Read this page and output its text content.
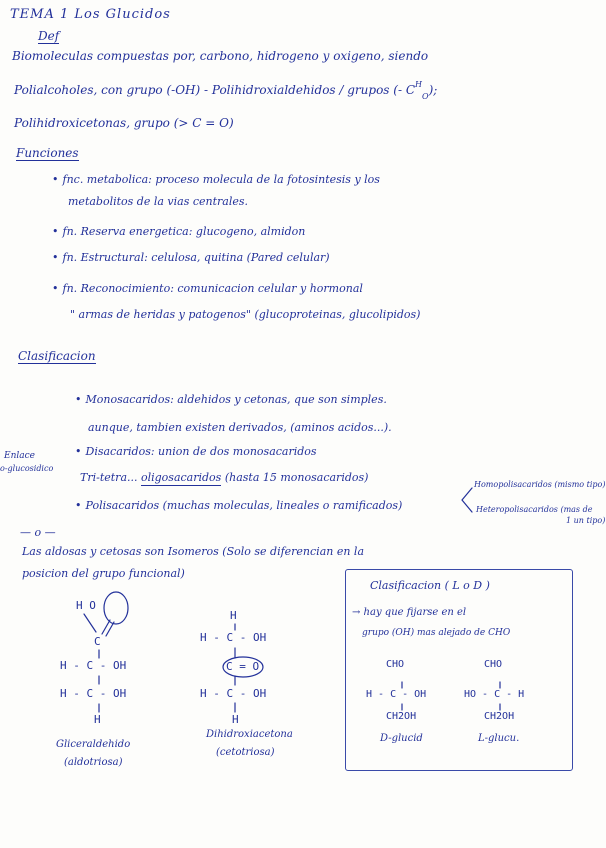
TEMA 1 Los Glucidos
Def
Biomoleculas compuestas por, carbono, hidrogeno y oxigeno, siendo
Polialcoholes, con grupo (-OH) - Polihidroxialdehidos / grupos (- $C^H_O$);
Polihidroxicetonas, grupo (> C = O)
Funciones
• fnc. metabolica: proceso molecula de la fotosintesis y los
metabolitos de la vias centrales.
• fn. Reserva energetica: glucogeno, almidon
• fn. Estructural: celulosa, quitina (Pared celular)
• fn. Reconocimiento: comunicacion celular y hormonal
" armas de heridas y patogenos" (glucoproteinas, glucolipidos)
Clasificacion
• Monosacaridos: aldehidos y cetonas, que son simples.
aunque, tambien existen derivados, (aminos acidos...).
• Disacaridos: union de dos monosacaridos
Enlace
o-glucosidico
Tri-tetra... oligosacaridos (hasta 15 monosacaridos)
• Polisacaridos (muchas moleculas, lineales o ramificados)
Homopolisacaridos (mismo tipo)
Heteropolisacaridos (mas de
1 un tipo)
— o —
Las aldosas y cetosas son Isomeros (Solo se diferencian en la
posicion del grupo funcional)
H O
C
H - C - OH
H - C - OH
H
Gliceraldehido
(aldotriosa)
H
H - C - OH
C = O
H - C - OH
H
Dihidroxiacetona
(cetotriosa)
Clasificacion ( L o D )
→ hay que fijarse en el
grupo (OH) mas alejado de CHO
CHO
H - C - OH
CH2OH
D-glucid
CHO
HO - C - H
CH2OH
L-glucu.
